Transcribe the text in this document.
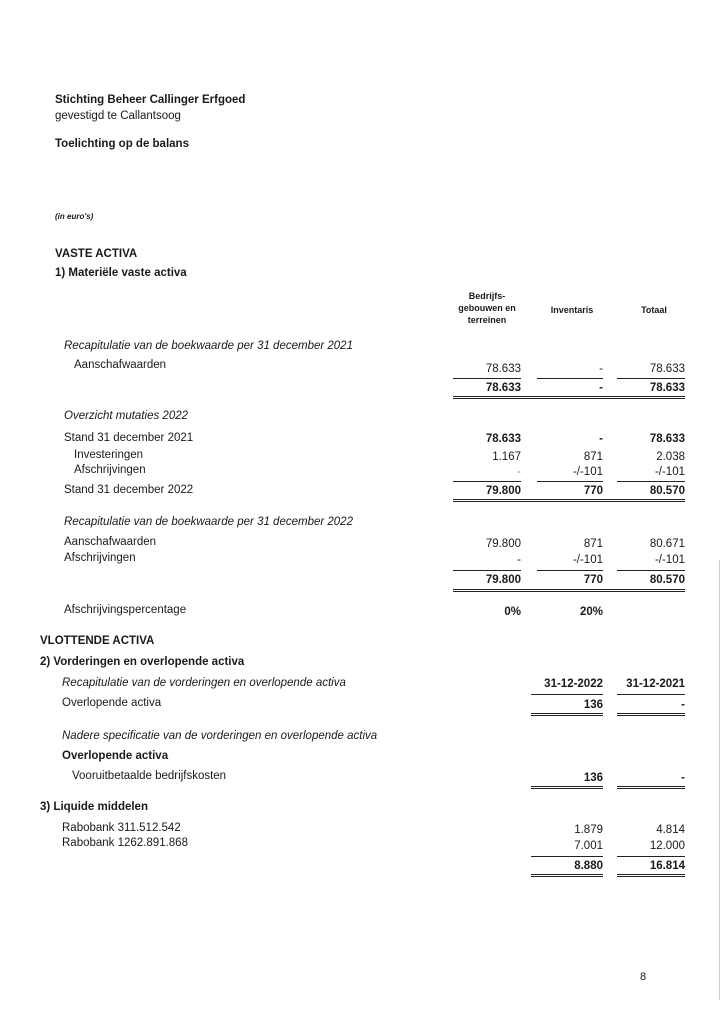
Stichting Beheer Callinger Erfgoed
gevestigd te Callantsoog
Toelichting op de balans
(in euro's)
VASTE ACTIVA
1) Materiële vaste activa
Bedrijfs-gebouwen en terreinen
Inventaris	Totaal
Recapitulatie van de boekwaarde per 31 december 2021
Aanschafwaarden	78.633	-	78.633
78.633	-	78.633
Overzicht mutaties 2022
Stand 31 december 2021	78.633	-	78.633
Investeringen	1.167	871	2.038
Afschrijvingen	-	-/-101	-/-101
Stand 31 december 2022	79.800	770	80.570
Recapitulatie van de boekwaarde per 31 december 2022
Aanschafwaarden	79.800	871	80.671
Afschrijvingen	-	-/-101	-/-101
79.800	770	80.570
Afschrijvingspercentage	0%	20%
VLOTTENDE ACTIVA
2) Vorderingen en overlopende activa
Recapitulatie van de vorderingen en overlopende activa	31-12-2022	31-12-2021
Overlopende activa	136	-
Nadere specificatie van de vorderingen en overlopende activa
Overlopende activa
Vooruitbetaalde bedrijfskosten	136	-
3) Liquide middelen
Rabobank 311.512.542	1.879	4.814
Rabobank 1262.891.868	7.001	12.000
8.880	16.814
8
